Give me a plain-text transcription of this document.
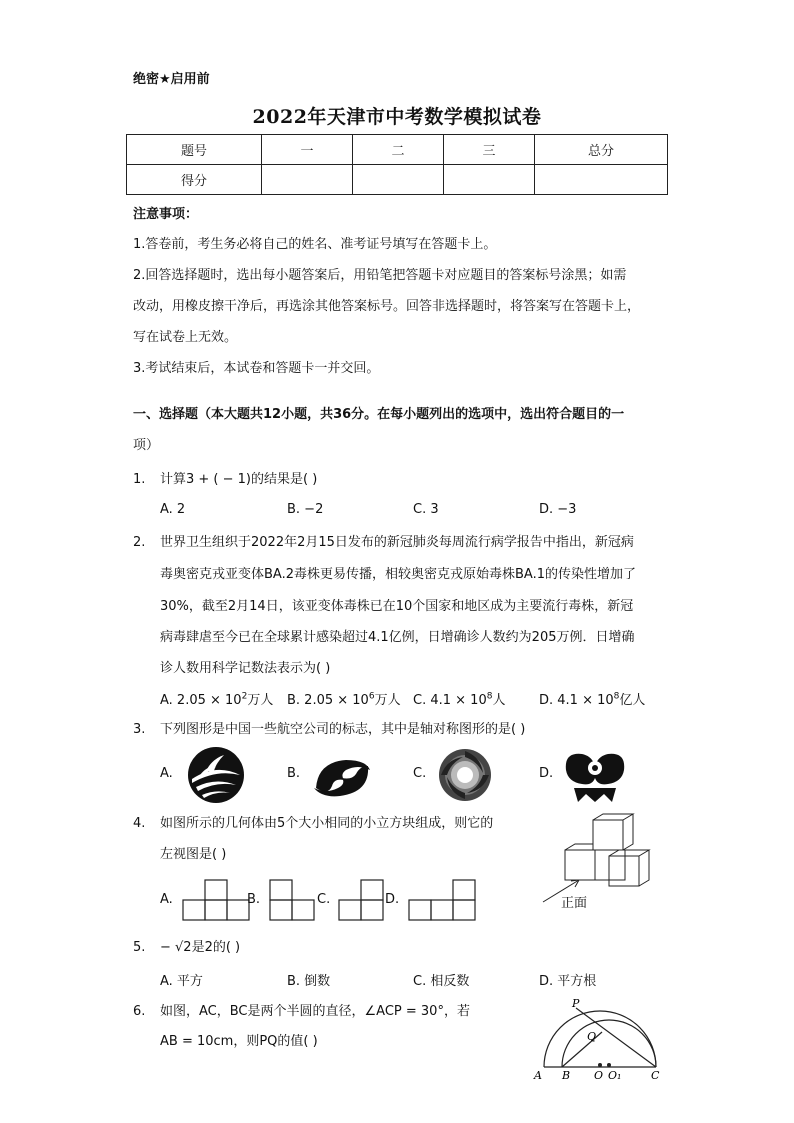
绝密★启用前
2022年天津市中考数学模拟试卷
题号	一	二	三	总分
得分				
注意事项：
1.答卷前，考生务必将自己的姓名、准考证号填写在答题卡上。
2.回答选择题时，选出每小题答案后，用铅笔把答题卡对应题目的答案标号涂黑；如需
改动，用橡皮擦干净后，再选涂其他答案标号。回答非选择题时，将答案写在答题卡上，
写在试卷上无效。
3.考试结束后，本试卷和答题卡一并交回。
一、选择题（本大题共12小题，共36分。在每小题列出的选项中，选出符合题目的一
项）
1. 计算3 + ( − 1)的结果是( )
A. 2	B. −2	C. 3	D. −3
2. 世界卫生组织于2022年2月15日发布的新冠肺炎每周流行病学报告中指出，新冠病
毒奥密克戎亚变体BA.2毒株更易传播，相较奥密克戎原始毒株BA.1的传染性增加了
30%，截至2月14日，该亚变体毒株已在10个国家和地区成为主要流行毒株，新冠
病毒肆虐至今已在全球累计感染超过4.1亿例，日增确诊人数约为205万例．日增确
诊人数用科学记数法表示为( )
A. $2.05 \times 10^2$万人 B. $2.05 \times 10^6$万人 C. $4.1 \times 10^8$人	D. $4.1 \times 10^8$亿人
3. 下列图形是中国一些航空公司的标志，其中是轴对称图形的是( )
A.	B.	C.	D.
4. 如图所示的几何体由5个大小相同的小立方块组成，则它的
左视图是( )
正面
A.	B.	C.	D.
5. − √2是2的( )
A. 平方	B. 倒数	C. 相反数	D. 平方根
6. 如图，AC，BC是两个半圆的直径，∠ACP = 30°，若
AB = 10cm，则PQ的值( )
P
Q
A B O O₁	C
